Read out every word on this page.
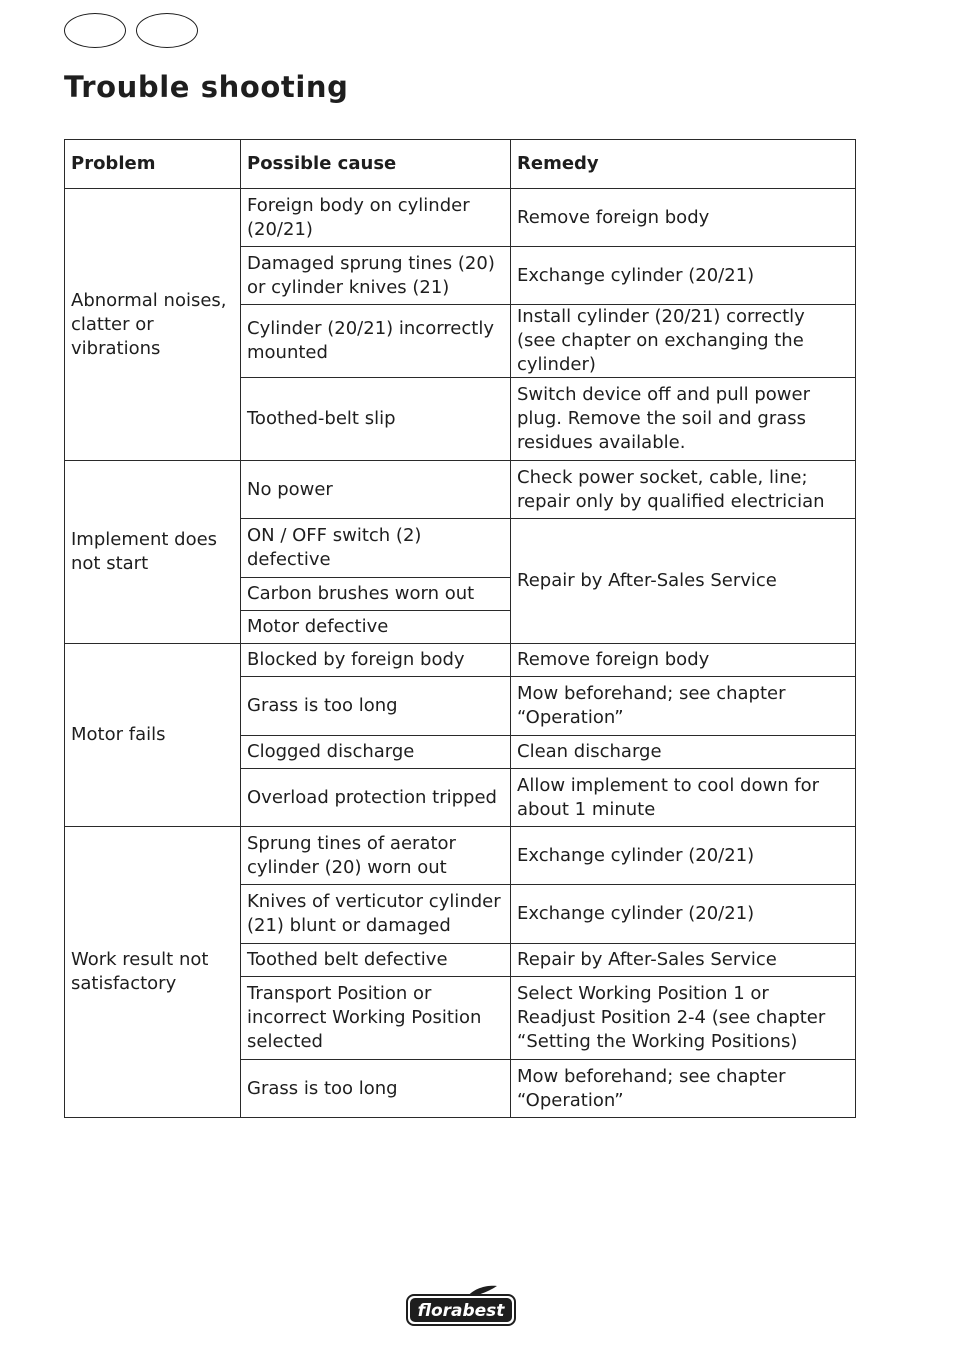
Trouble shooting
Problem	Possible cause	Remedy
Abnormal noises, clatter or vibrations	Foreign body on cylinder (20/21)	Remove foreign body
	Damaged sprung tines (20) or cylinder knives (21)	Exchange cylinder (20/21)
	Cylinder (20/21) incorrectly mounted	Install cylinder (20/21) correctly (see chapter on exchanging the cylinder)
	Toothed-belt slip	Switch device off and pull power plug. Remove the soil and grass residues available.
Implement does not start	No power	Check power socket, cable, line; repair only by qualified electrician
	ON / OFF switch (2) defective	Repair by After-Sales Service
	Carbon brushes worn out	
	Motor defective	
Motor fails	Blocked by foreign body	Remove foreign body
	Grass is too long	Mow beforehand; see chapter “Operation”
	Clogged discharge	Clean discharge
	Overload protection tripped	Allow implement to cool down for about 1 minute
Work result not satisfactory	Sprung tines of aerator cylinder (20) worn out	Exchange cylinder (20/21)
	Knives of verticutor cylinder (21) blunt or damaged	Exchange cylinder (20/21)
	Toothed belt defective	Repair by After-Sales Service
	Transport Position or incorrect Working Position selected	Select Working Position 1 or Readjust Position 2-4 (see chapter “Setting the Working Positions)
	Grass is too long	Mow beforehand; see chapter “Operation”
florabest
